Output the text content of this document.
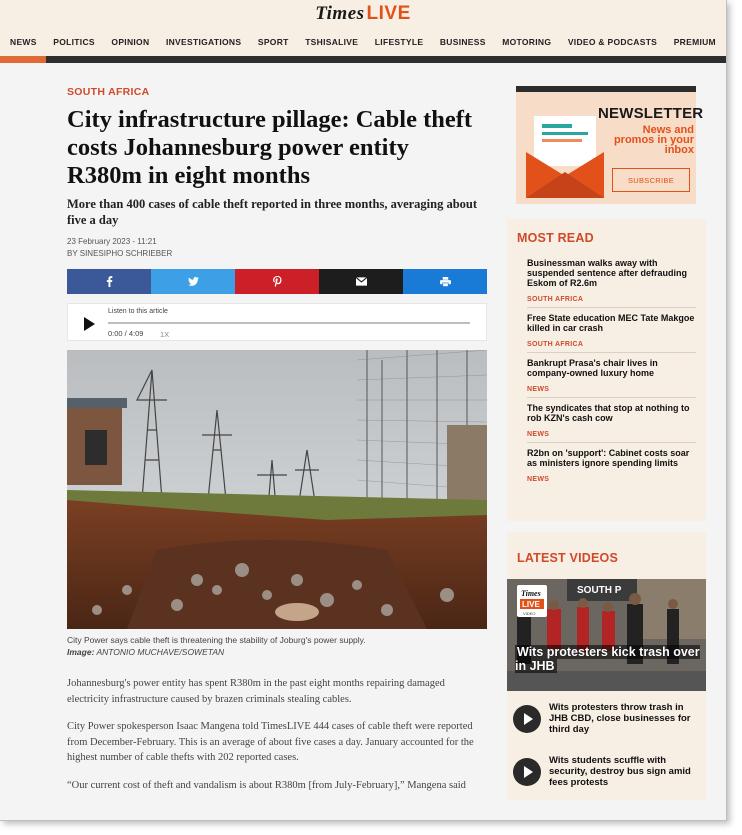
Times LIVE
NEWS POLITICS OPINION INVESTIGATIONS SPORT TSHISALIVE LIFESTYLE BUSINESS MOTORING VIDEO & PODCASTS PREMIUM
SOUTH AFRICA
City infrastructure pillage: Cable theft costs Johannesburg power entity R380m in eight months
More than 400 cases of cable theft reported in three months, averaging about five a day
23 February 2023 - 11:21
BY SINESIPHO SCHRIEBER
Listen to this article
0:00 / 4:09 1X
City Power says cable theft is threatening the stability of Joburg's power supply.
Image: ANTONIO MUCHAVE/SOWETAN

Johannesburg's power entity has spent R380m in the past eight months repairing damaged electricity infrastructure caused by brazen criminals stealing cables.

City Power spokesperson Isaac Mangena told TimesLIVE 444 cases of cable theft were reported from December-February. This is an average of about five cases a day. January accounted for the highest number of cable thefts with 202 reported cases.

“Our current cost of theft and vandalism is about R380m [from July-February],” Mangena said

NEWSLETTER
News and promos in your inbox
SUBSCRIBE
MOST READ
Businessman walks away with suspended sentence after defrauding Eskom of R2.6m
SOUTH AFRICA
Free State education MEC Tate Makgoe killed in car crash
SOUTH AFRICA
Bankrupt Prasa's chair lives in company-owned luxury home
NEWS
The syndicates that stop at nothing to rob KZN's cash cow
NEWS
R2bn on 'support': Cabinet costs soar as ministers ignore spending limits
NEWS
LATEST VIDEOS
SOUTH P
Times
LIVE
VIDEO
Wits protesters kick trash over in JHB
Wits protesters throw trash in JHB CBD, close businesses for third day
Wits students scuffle with security, destroy bus sign amid fees protests
